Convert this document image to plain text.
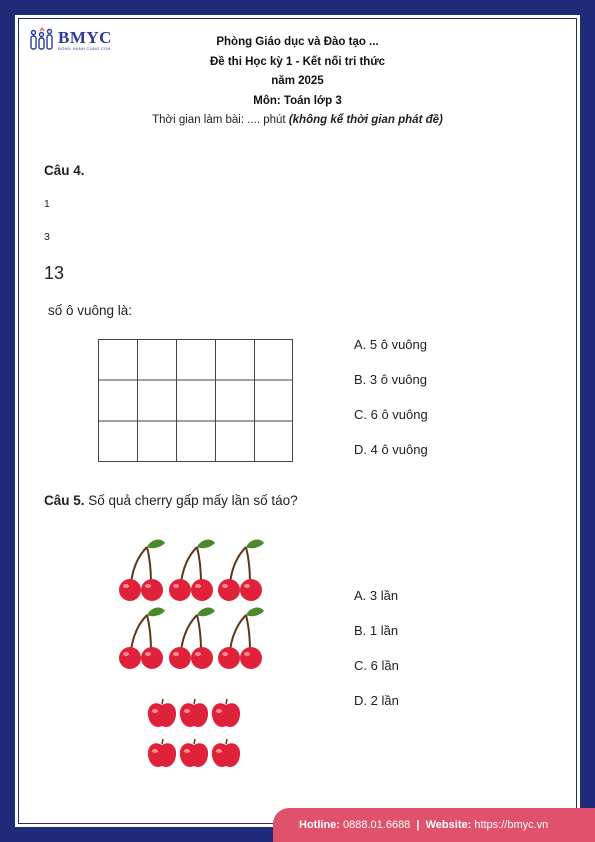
BMYC
ĐỒNG HÀNH CÙNG CON
Phòng Giáo dục và Đào tạo ...
Đề thi Học kỳ 1 - Kết nối tri thức
năm 2025
Môn: Toán lớp 3
Thời gian làm bài: .... phút (không kể thời gian phát đề)
Câu 4.
1
3
13
số ô vuông là:
A. 5 ô vuông
B. 3 ô vuông
C. 6 ô vuông
D. 4 ô vuông
Câu 5. Số quả cherry gấp mấy lần số táo?
A. 3 lần
B. 1 lần
C. 6 lần
D. 2 lần
Hotline: 0888.01.6688  |  Website: https://bmyc.vn
